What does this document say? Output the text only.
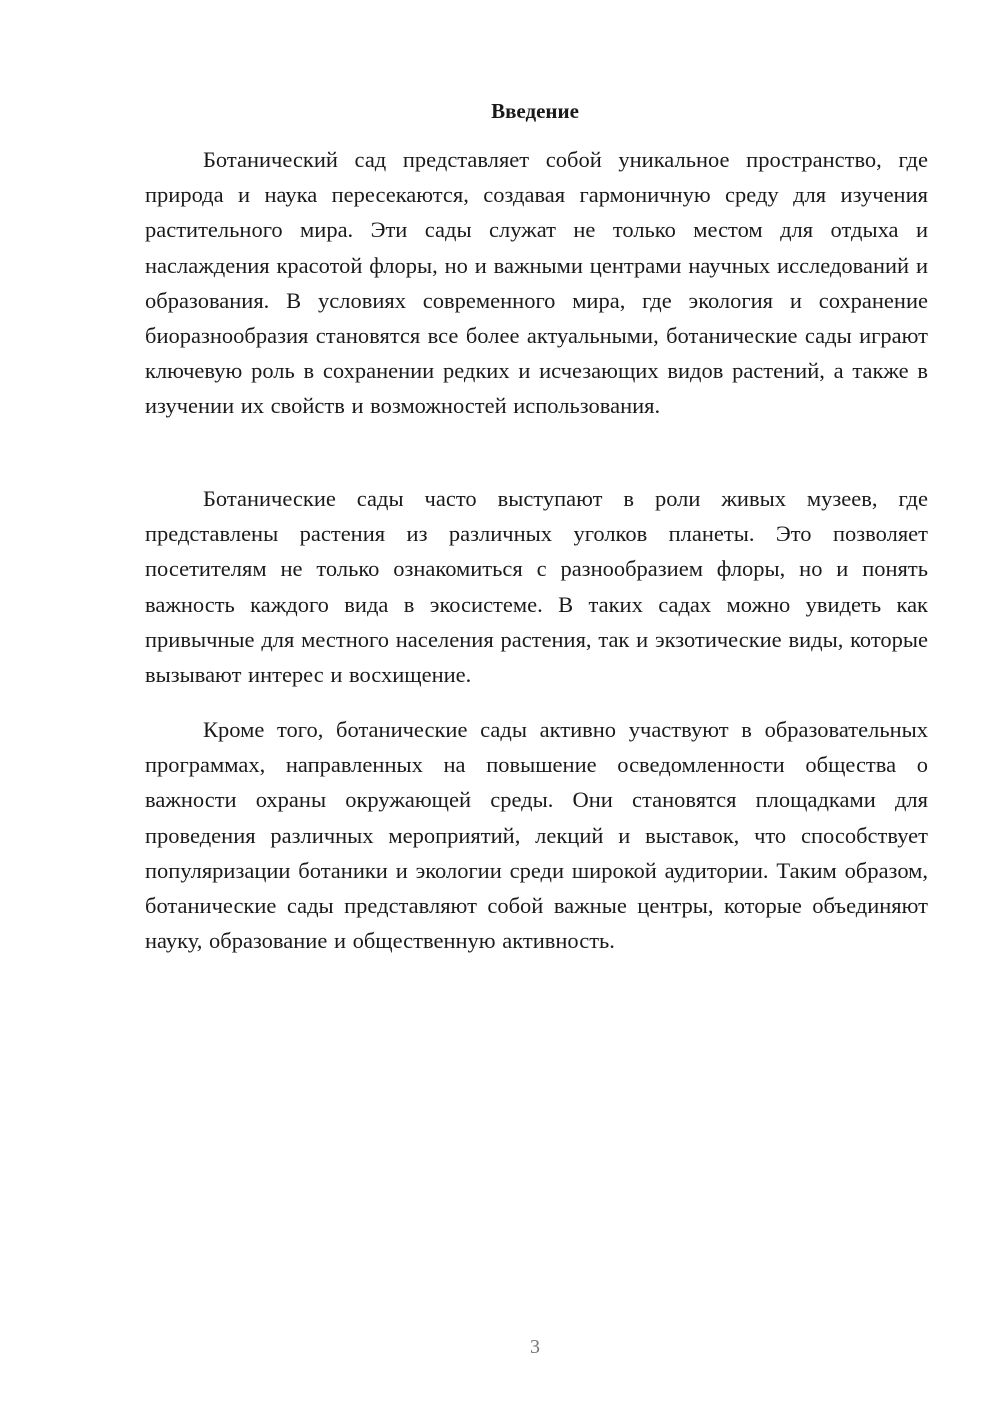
Введение

Ботанический сад представляет собой уникальное пространство, где природа и наука пересекаются, создавая гармоничную среду для изучения растительного мира. Эти сады служат не только местом для отдыха и наслаждения красотой флоры, но и важными центрами научных исследований и образования. В условиях современного мира, где экология и сохранение биоразнообразия становятся все более актуальными, ботанические сады играют ключевую роль в сохранении редких и исчезающих видов растений, а также в изучении их свойств и возможностей использования.

Ботанические сады часто выступают в роли живых музеев, где представлены растения из различных уголков планеты. Это позволяет посетителям не только ознакомиться с разнообразием флоры, но и понять важность каждого вида в экосистеме. В таких садах можно увидеть как привычные для местного населения растения, так и экзотические виды, которые вызывают интерес и восхищение.

Кроме того, ботанические сады активно участвуют в образовательных программах, направленных на повышение осведомленности общества о важности охраны окружающей среды. Они становятся площадками для проведения различных мероприятий, лекций и выставок, что способствует популяризации ботаники и экологии среди широкой аудитории. Таким образом, ботанические сады представляют собой важные центры, которые объединяют науку, образование и общественную активность.

3
